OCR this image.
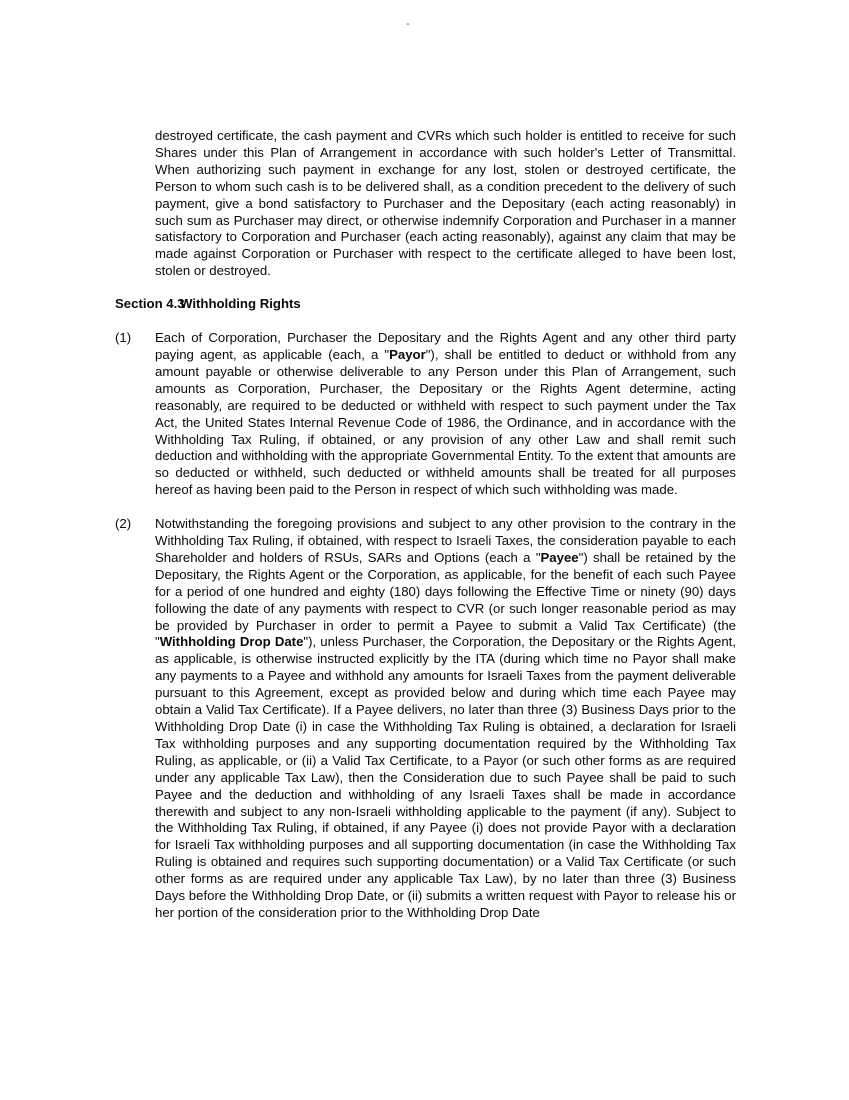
-

destroyed certificate, the cash payment and CVRs which such holder is entitled to receive for such Shares under this Plan of Arrangement in accordance with such holder's Letter of Transmittal. When authorizing such payment in exchange for any lost, stolen or destroyed certificate, the Person to whom such cash is to be delivered shall, as a condition precedent to the delivery of such payment, give a bond satisfactory to Purchaser and the Depositary (each acting reasonably) in such sum as Purchaser may direct, or otherwise indemnify Corporation and Purchaser in a manner satisfactory to Corporation and Purchaser (each acting reasonably), against any claim that may be made against Corporation or Purchaser with respect to the certificate alleged to have been lost, stolen or destroyed.

Section 4.3Withholding Rights

(1) Each of Corporation, Purchaser the Depositary and the Rights Agent and any other third party paying agent, as applicable (each, a "Payor"), shall be entitled to deduct or withhold from any amount payable or otherwise deliverable to any Person under this Plan of Arrangement, such amounts as Corporation, Purchaser, the Depositary or the Rights Agent determine, acting reasonably, are required to be deducted or withheld with respect to such payment under the Tax Act, the United States Internal Revenue Code of 1986, the Ordinance, and in accordance with the Withholding Tax Ruling, if obtained, or any provision of any other Law and shall remit such deduction and withholding with the appropriate Governmental Entity. To the extent that amounts are so deducted or withheld, such deducted or withheld amounts shall be treated for all purposes hereof as having been paid to the Person in respect of which such withholding was made.
(2) Notwithstanding the foregoing provisions and subject to any other provision to the contrary in the Withholding Tax Ruling, if obtained, with respect to Israeli Taxes, the consideration payable to each Shareholder and holders of RSUs, SARs and Options (each a "Payee") shall be retained by the Depositary, the Rights Agent or the Corporation, as applicable, for the benefit of each such Payee for a period of one hundred and eighty (180) days following the Effective Time or ninety (90) days following the date of any payments with respect to CVR (or such longer reasonable period as may be provided by Purchaser in order to permit a Payee to submit a Valid Tax Certificate) (the "Withholding Drop Date"), unless Purchaser, the Corporation, the Depositary or the Rights Agent, as applicable, is otherwise instructed explicitly by the ITA (during which time no Payor shall make any payments to a Payee and withhold any amounts for Israeli Taxes from the payment deliverable pursuant to this Agreement, except as provided below and during which time each Payee may obtain a Valid Tax Certificate). If a Payee delivers, no later than three (3) Business Days prior to the Withholding Drop Date (i) in case the Withholding Tax Ruling is obtained, a declaration for Israeli Tax withholding purposes and any supporting documentation required by the Withholding Tax Ruling, as applicable, or (ii) a Valid Tax Certificate, to a Payor (or such other forms as are required under any applicable Tax Law), then the Consideration due to such Payee shall be paid to such Payee and the deduction and withholding of any Israeli Taxes shall be made in accordance therewith and subject to any non-Israeli withholding applicable to the payment (if any). Subject to the Withholding Tax Ruling, if obtained, if any Payee (i) does not provide Payor with a declaration for Israeli Tax withholding purposes and all supporting documentation (in case the Withholding Tax Ruling is obtained and requires such supporting documentation) or a Valid Tax Certificate (or such other forms as are required under any applicable Tax Law), by no later than three (3) Business Days before the Withholding Drop Date, or (ii) submits a written request with Payor to release his or her portion of the consideration prior to the Withholding Drop Date
